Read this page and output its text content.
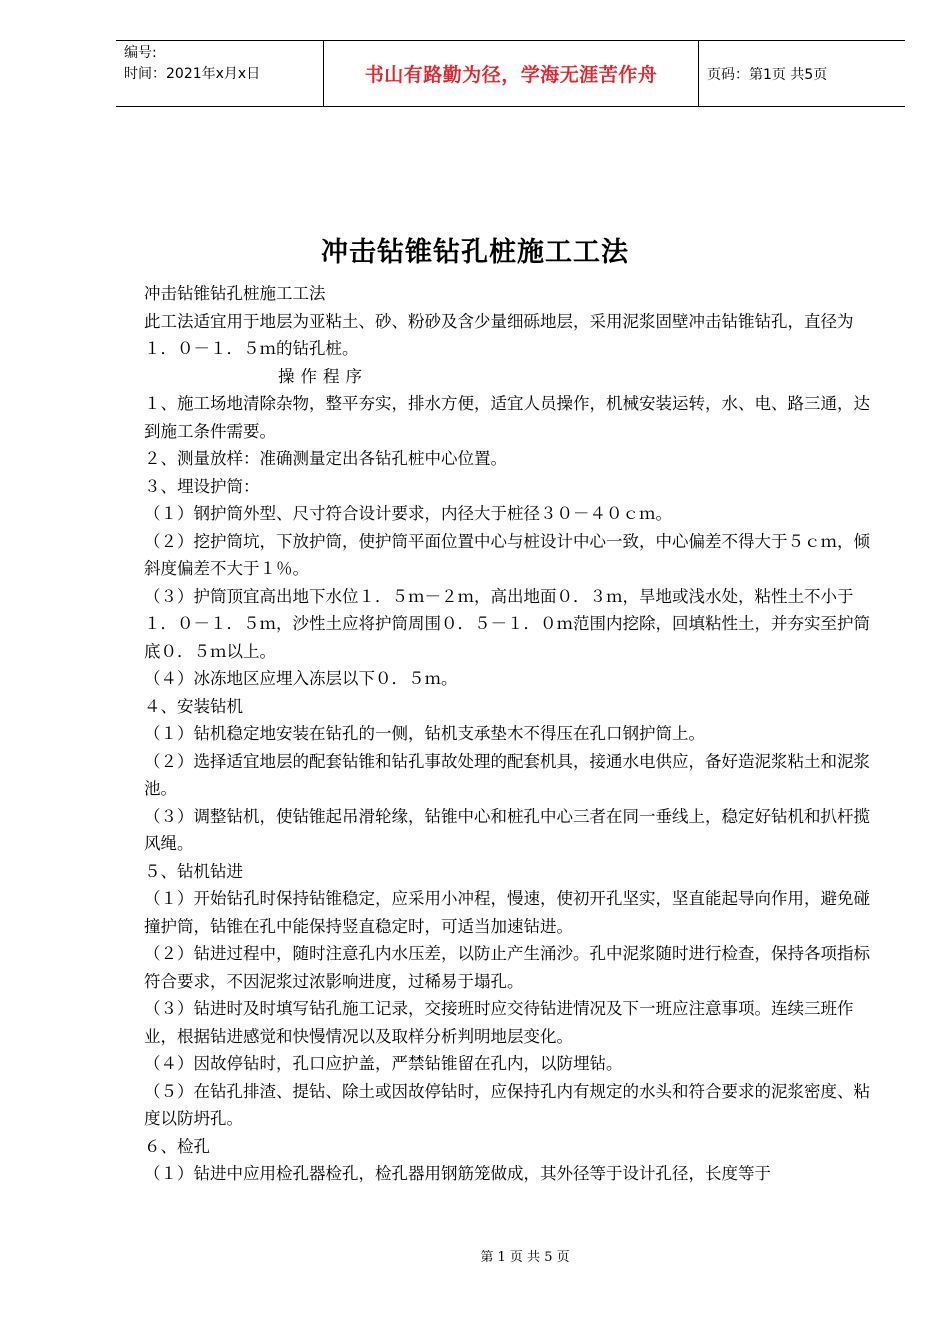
编号:
时间：2021年x月x日	书山有路勤为径，学海无涯苦作舟	页码：第1页 共5页
冲击钻锥钻孔桩施工工法

冲击钻锥钻孔桩施工工法

此工法适宜用于地层为亚粘土、砂、粉砂及含少量细砾地层，采用泥浆固壁冲击钻锥钻孔，直径为１．０－１．５ｍ的钻孔桩。

操作程序

１、施工场地清除杂物，整平夯实，排水方便，适宜人员操作，机械安装运转，水、电、路三通，达到施工条件需要。

２、测量放样：准确测量定出各钻孔桩中心位置。

３、埋设护筒：

（１）钢护筒外型、尺寸符合设计要求，内径大于桩径３０－４０ｃｍ。

（２）挖护筒坑，下放护筒，使护筒平面位置中心与桩设计中心一致，中心偏差不得大于５ｃｍ，倾斜度偏差不大于１％。

（３）护筒顶宜高出地下水位１．５ｍ－２ｍ，高出地面０．３ｍ，旱地或浅水处，粘性土不小于１．０－１．５ｍ，沙性土应将护筒周围０．５－１．０ｍ范围内挖除，回填粘性土，并夯实至护筒底０．５ｍ以上。

（４）冰冻地区应埋入冻层以下０．５ｍ。

４、安装钻机

（１）钻机稳定地安装在钻孔的一侧，钻机支承垫木不得压在孔口钢护筒上。

（２）选择适宜地层的配套钻锥和钻孔事故处理的配套机具，接通水电供应，备好造泥浆粘土和泥浆池。

（３）调整钻机，使钻锥起吊滑轮缘，钻锥中心和桩孔中心三者在同一垂线上，稳定好钻机和扒杆揽风绳。

５、钻机钻进

（１）开始钻孔时保持钻锥稳定，应采用小冲程，慢速，使初开孔坚实，坚直能起导向作用，避免碰撞护筒，钻锥在孔中能保持竖直稳定时，可适当加速钻进。

（２）钻进过程中，随时注意孔内水压差，以防止产生涌沙。孔中泥浆随时进行检查，保持各项指标符合要求，不因泥浆过浓影响进度，过稀易于塌孔。

（３）钻进时及时填写钻孔施工记录，交接班时应交待钻进情况及下一班应注意事项。连续三班作业，根据钻进感觉和快慢情况以及取样分析判明地层变化。

（４）因故停钻时，孔口应护盖，严禁钻锥留在孔内，以防埋钻。

（５）在钻孔排渣、提钻、除土或因故停钻时，应保持孔内有规定的水头和符合要求的泥浆密度、粘度以防坍孔。

６、检孔

（１）钻进中应用检孔器检孔，检孔器用钢筋笼做成，其外径等于设计孔径，长度等于

第 1 页 共 5 页
